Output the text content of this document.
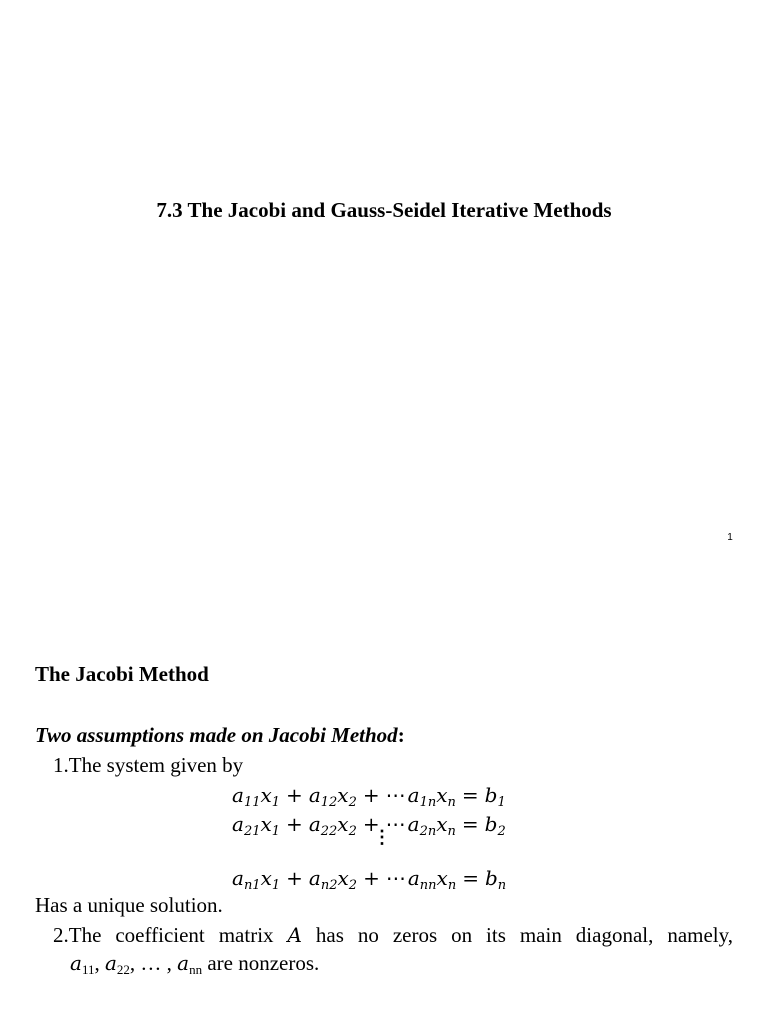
7.3 The Jacobi and Gauss-Seidel Iterative Methods
1
The Jacobi Method
Two assumptions made on Jacobi Method:
1.The system given by
$a_{11}x_1 + a_{12}x_2$ + ⋯ $a_{1n}x_n = b_1$
$a_{21}x_1 + a_{22}x_2$ + ⋯ $a_{2n}x_n = b_2$
⋮
$a_{n1}x_1 + a_{n2}x_2$ + ⋯ $a_{nn}x_n = b_n$
Has a unique solution.
2.The coefficient matrix A has no zeros on its main diagonal, namely,
$a_{11}$, $a_{22}$, … , $a_{nn}$ are nonzeros.
